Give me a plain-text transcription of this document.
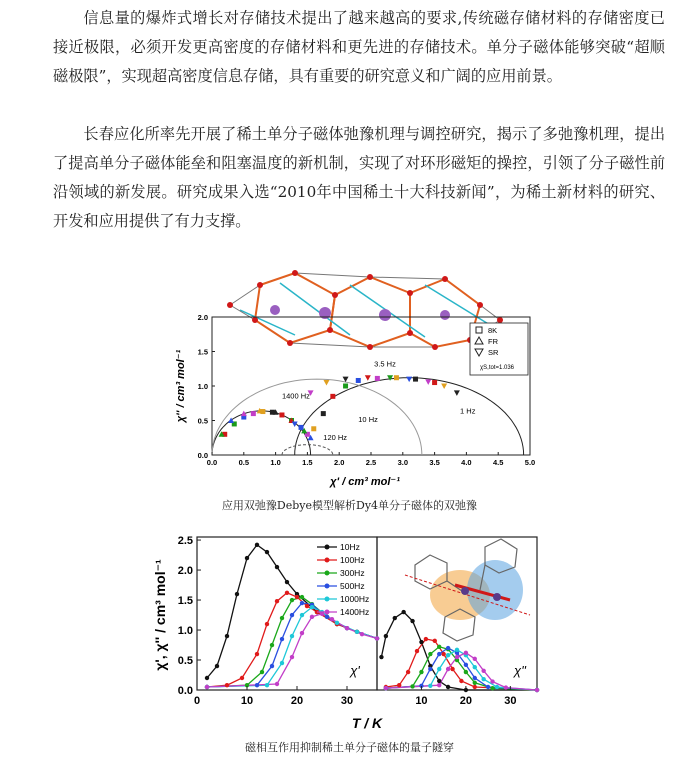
信息量的爆炸式增长对存储技术提出了越来越高的要求,传统磁存储材料的存储密度已接近极限，必须开发更高密度的存储材料和更先进的存储技术。单分子磁体能够突破“超顺磁极限”，实现超高密度信息存储，具有重要的研究意义和广阔的应用前景。

长春应化所率先开展了稀土单分子磁体弛豫机理与调控研究，揭示了多弛豫机理，提出了提高单分子磁体能垒和阻塞温度的新机制，实现了对环形磁矩的操控，引领了分子磁性前沿领域的新发展。研究成果入选“2010年中国稀土十大科技新闻”，为稀土新材料的研究、开发和应用提供了有力支撑。

0.0	0.5	1.0	1.5	2.0	2.5	3.0	3.5	4.0	4.5	5.0
0.0
0.5
1.0
1.5
2.0
3.5 Hz
1400 Hz
10 Hz
1 Hz
120 Hz
8K
FR
SR
χS,tot=1.036
χ' / cm³ mol⁻¹
χ'' / cm³ mol⁻¹
应用双弛豫Debye模型解析Dy4单分子磁体的双弛豫
0.0
0.5
1.0
1.5
2.0
2.5
0	10	20	30	10	20	30
10Hz
100Hz
300Hz
500Hz
1000Hz
1400Hz
χ'	χ''
T / K
χ', χ'' / cm³ mol⁻¹
磁相互作用抑制稀土单分子磁体的量子隧穿
